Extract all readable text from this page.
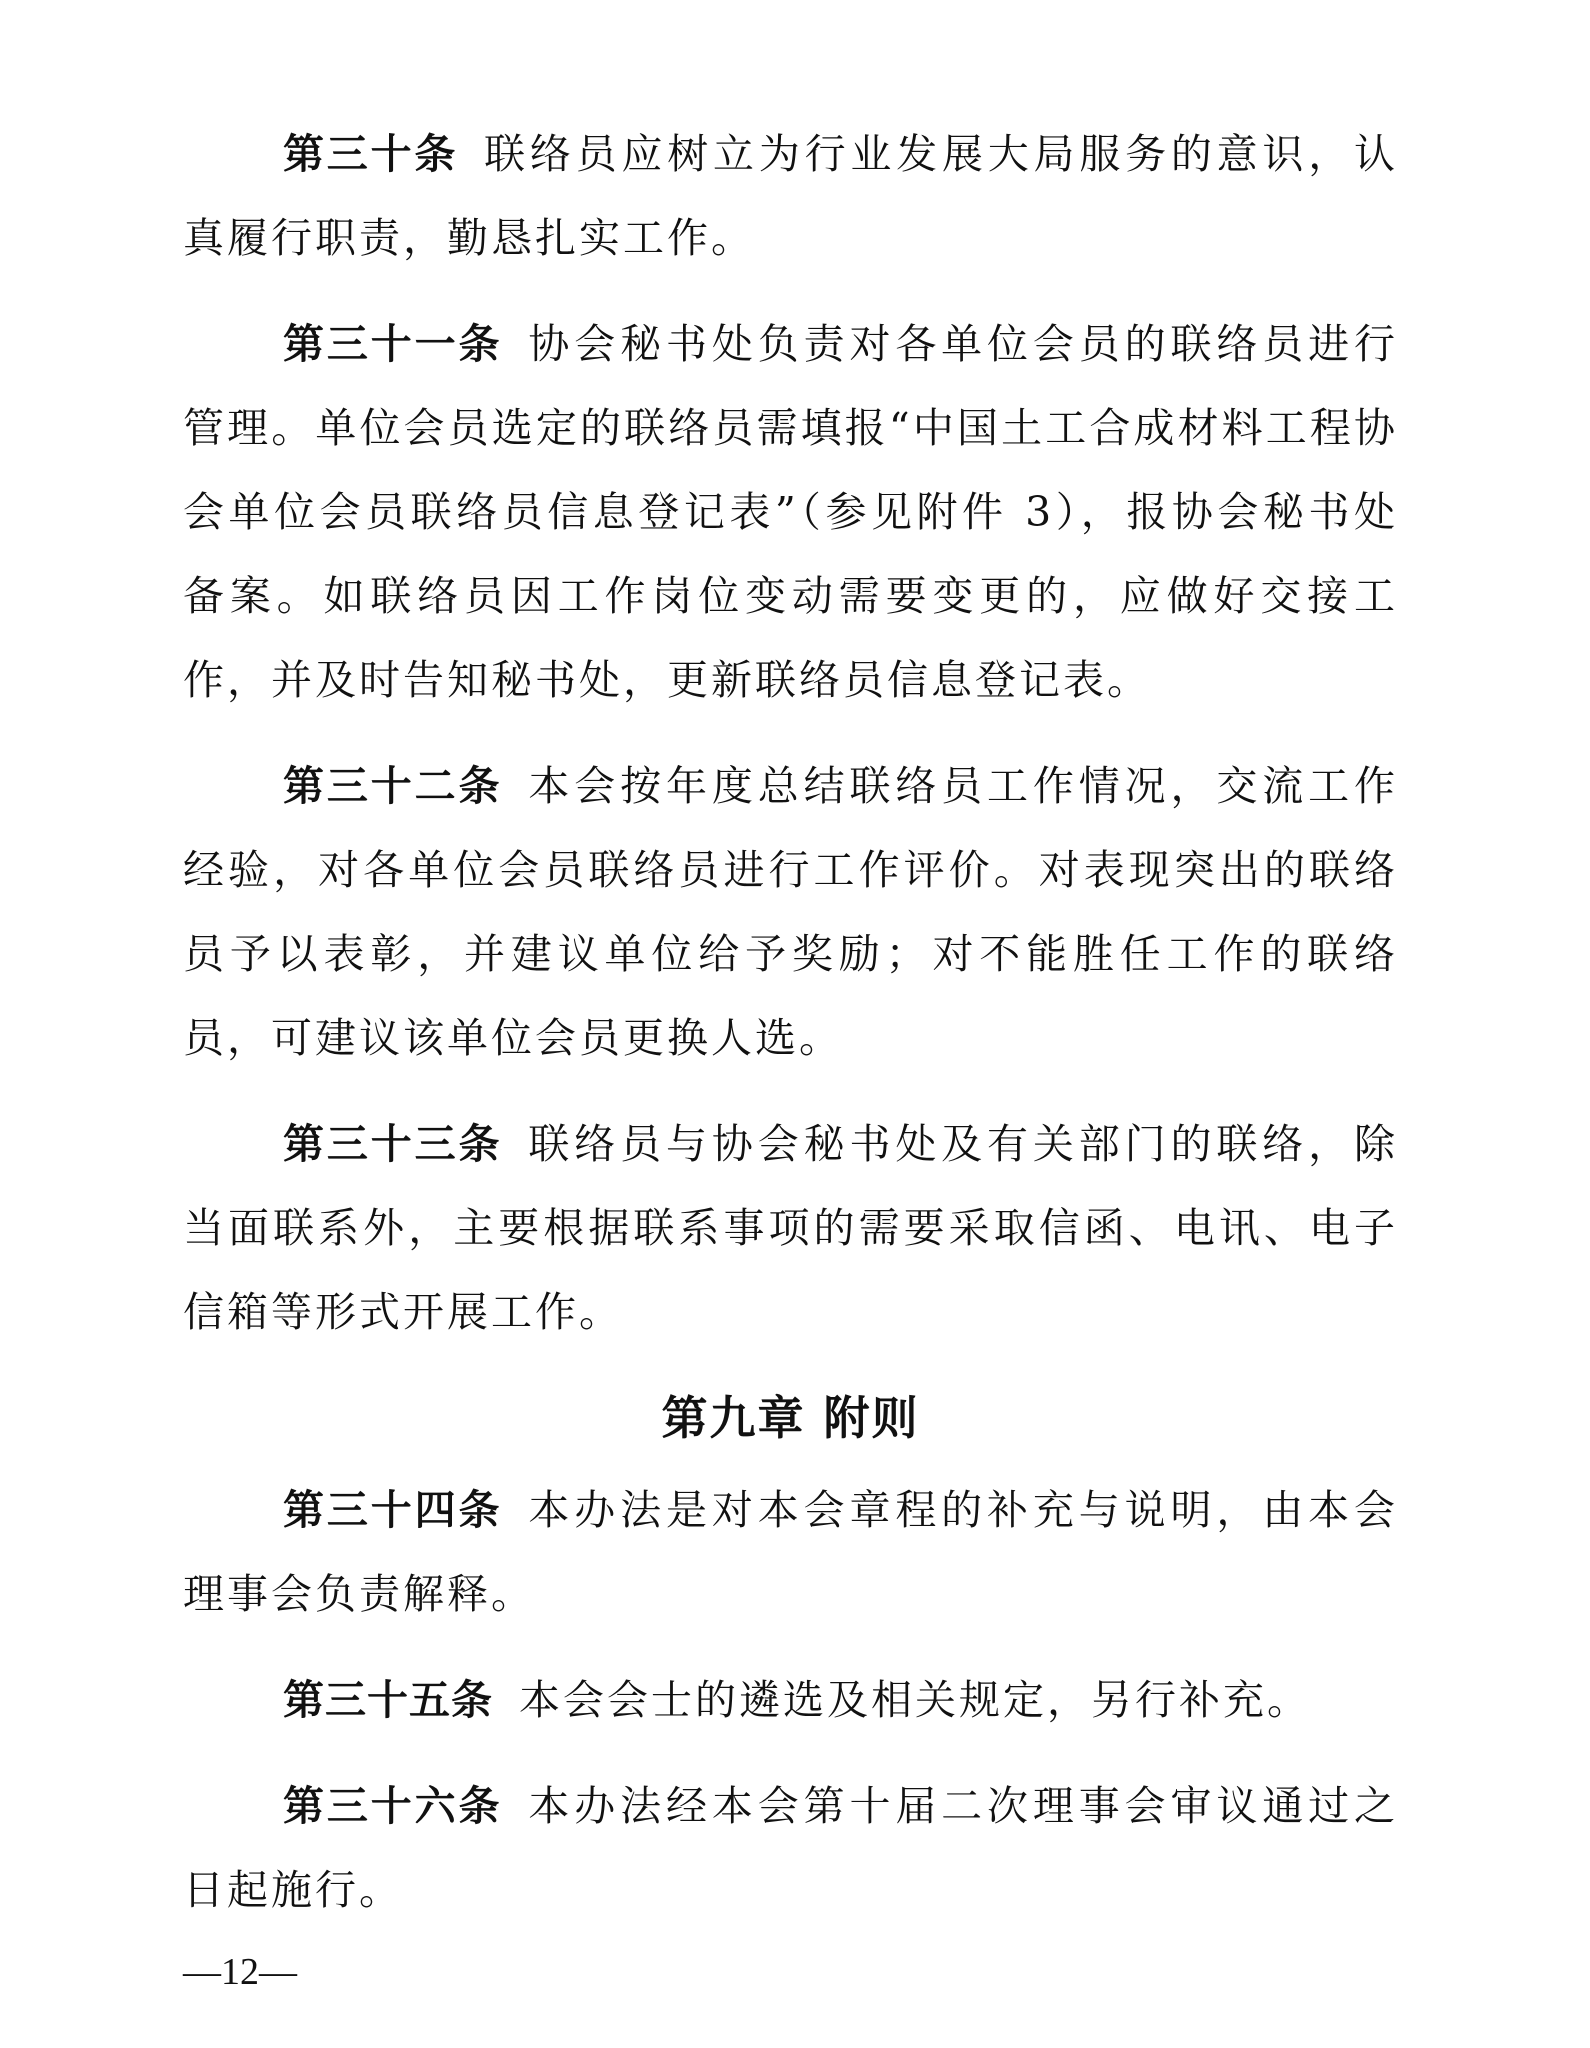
第三十条 联络员应树立为行业发展大局服务的意识，认真履行职责，勤恳扎实工作。

第三十一条 协会秘书处负责对各单位会员的联络员进行管理。单位会员选定的联络员需填报“中国土工合成材料工程协会单位会员联络员信息登记表”（参见附件 3），报协会秘书处备案。如联络员因工作岗位变动需要变更的，应做好交接工作，并及时告知秘书处，更新联络员信息登记表。

第三十二条 本会按年度总结联络员工作情况，交流工作经验，对各单位会员联络员进行工作评价。对表现突出的联络员予以表彰，并建议单位给予奖励；对不能胜任工作的联络员，可建议该单位会员更换人选。

第三十三条 联络员与协会秘书处及有关部门的联络，除当面联系外，主要根据联系事项的需要采取信函、电讯、电子信箱等形式开展工作。

第九章 附则

第三十四条 本办法是对本会章程的补充与说明，由本会理事会负责解释。

第三十五条 本会会士的遴选及相关规定，另行补充。

第三十六条 本办法经本会第十届二次理事会审议通过之日起施行。

—12—
